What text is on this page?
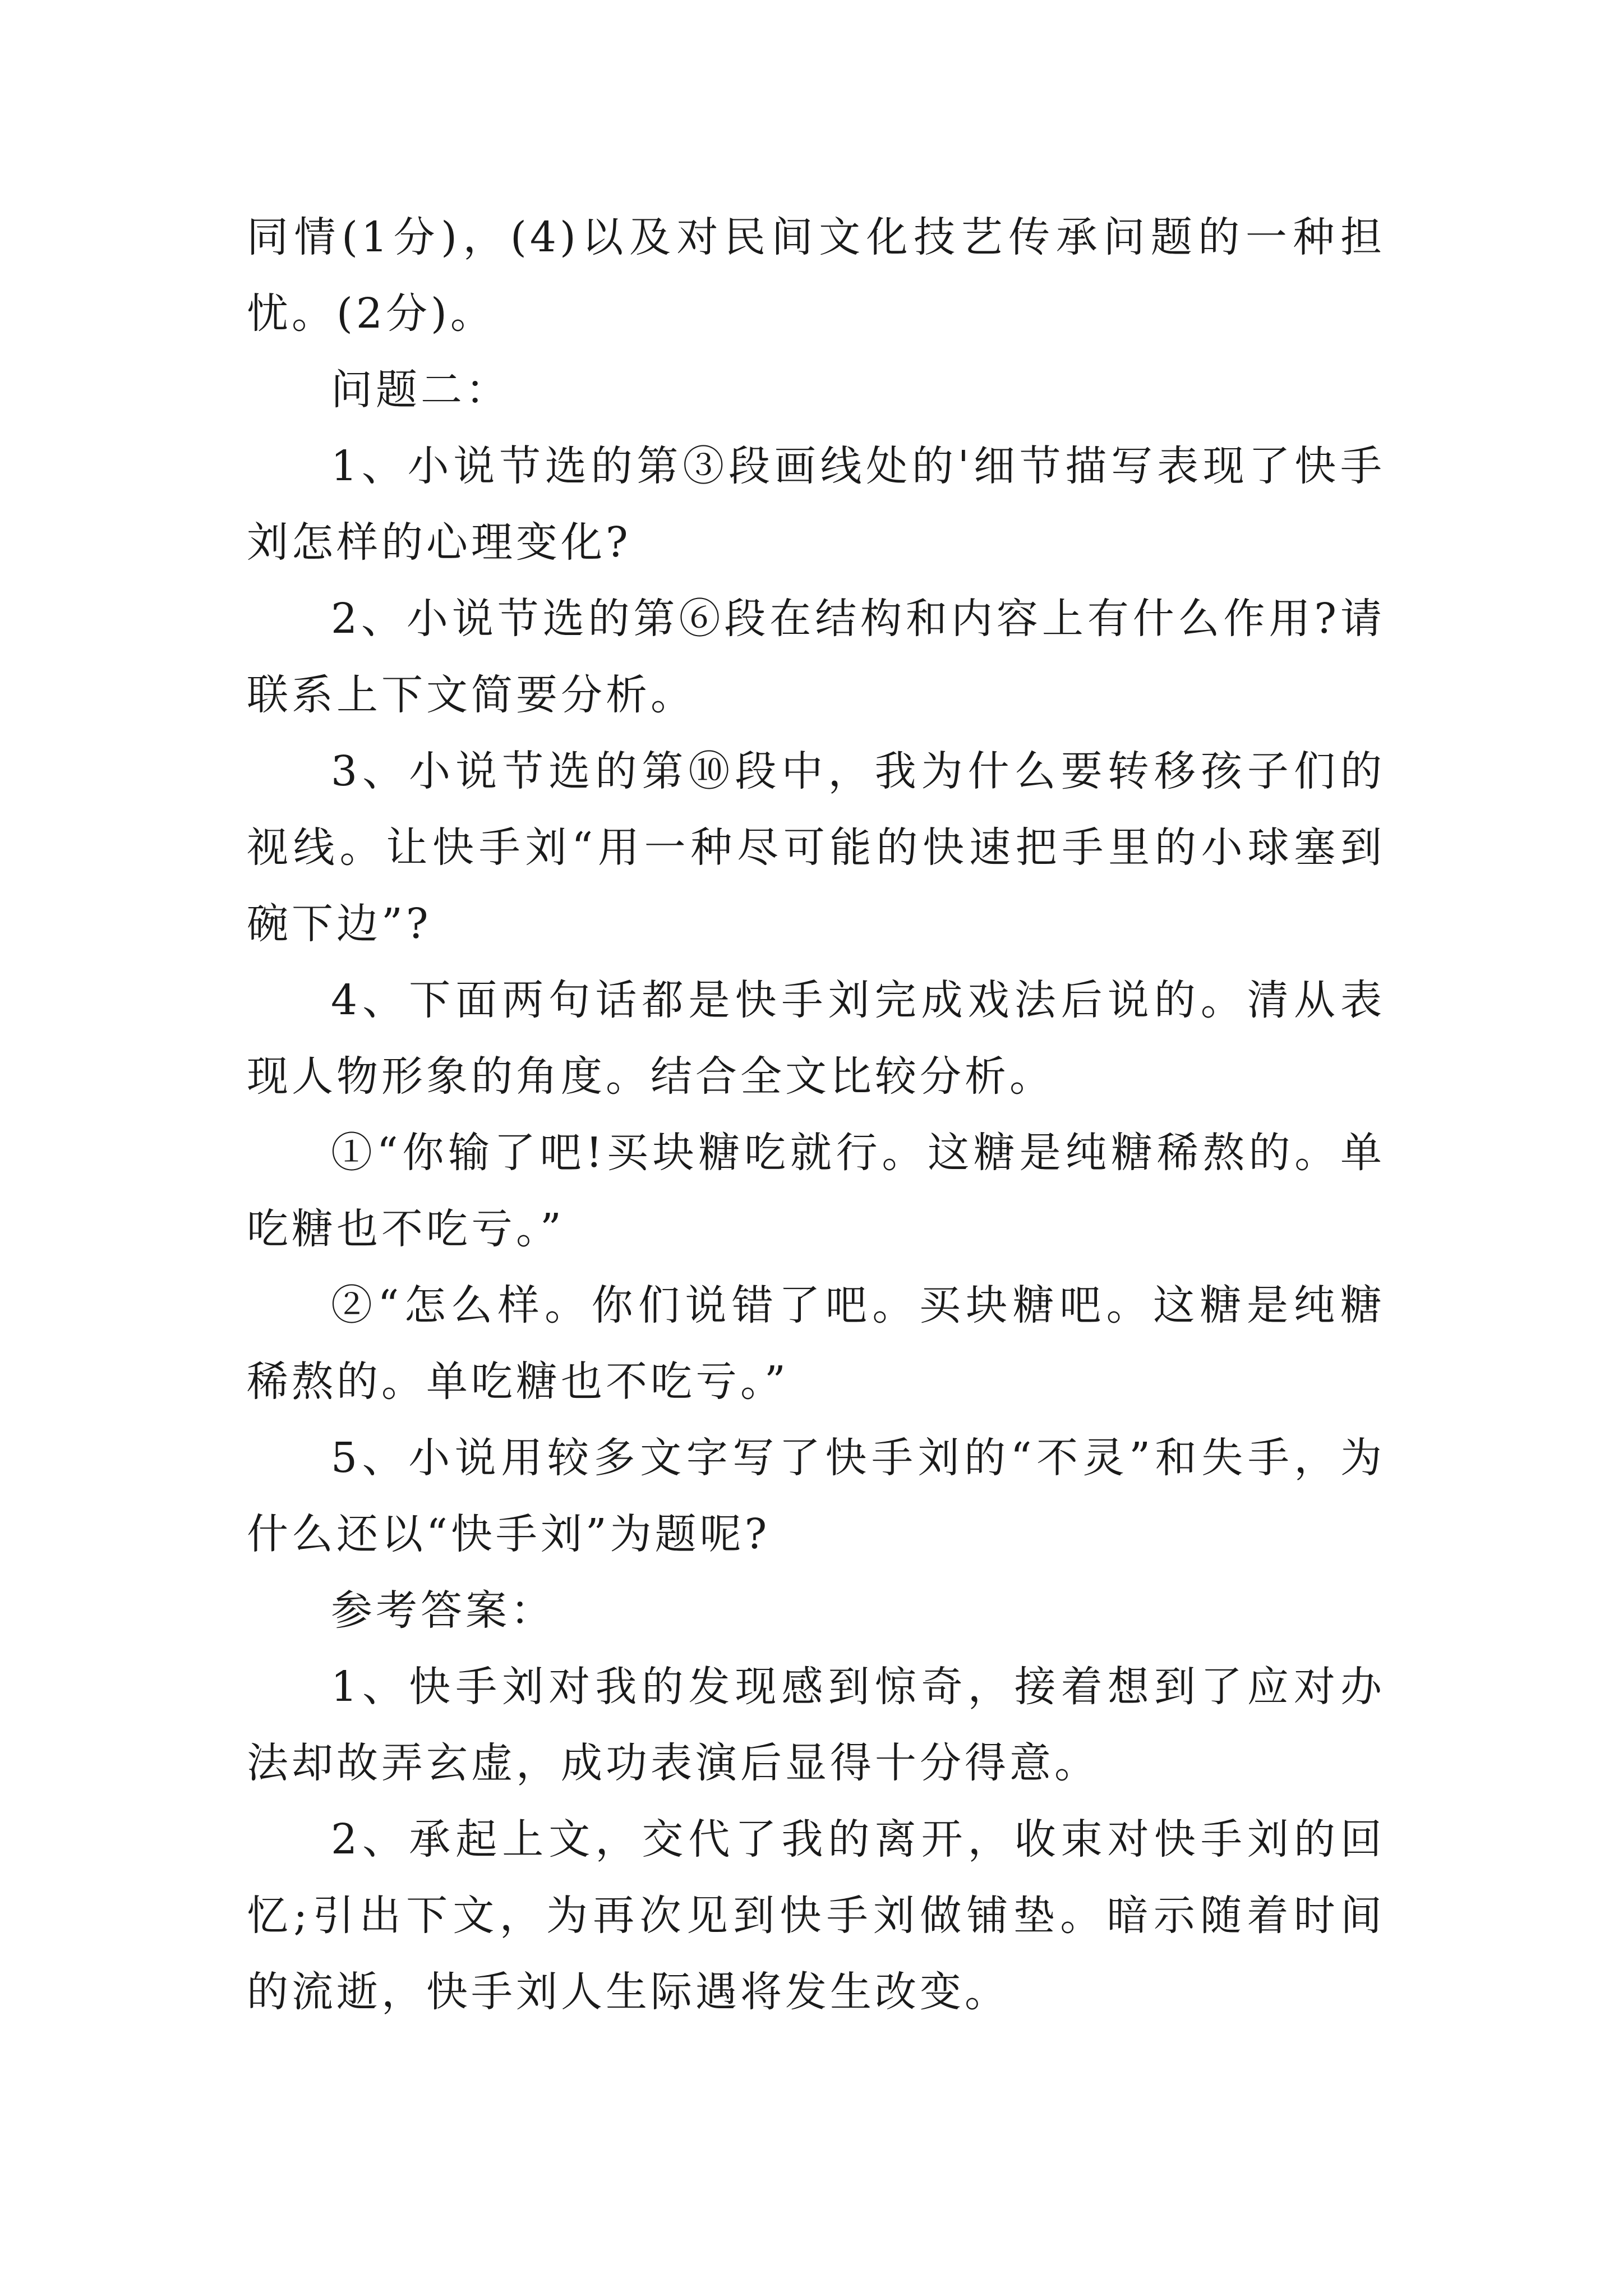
同情(1分)，(4)以及对民间文化技艺传承问题的一种担忧。(2分)。

问题二：

1、小说节选的第③段画线处的'细节描写表现了快手刘怎样的心理变化?

2、小说节选的第⑥段在结构和内容上有什么作用?请联系上下文简要分析。

3、小说节选的第⑩段中，我为什么要转移孩子们的视线。让快手刘“用一种尽可能的快速把手里的小球塞到碗下边”?

4、下面两句话都是快手刘完成戏法后说的。清从表现人物形象的角度。结合全文比较分析。

①“你输了吧!买块糖吃就行。这糖是纯糖稀熬的。单吃糖也不吃亏。”

②“怎么样。你们说错了吧。买块糖吧。这糖是纯糖稀熬的。单吃糖也不吃亏。”

5、小说用较多文字写了快手刘的“不灵”和失手，为什么还以“快手刘”为题呢?

参考答案：

1、快手刘对我的发现感到惊奇，接着想到了应对办法却故弄玄虚，成功表演后显得十分得意。

2、承起上文，交代了我的离开，收束对快手刘的回忆;引出下文，为再次见到快手刘做铺垫。暗示随着时间的流逝，快手刘人生际遇将发生改变。
